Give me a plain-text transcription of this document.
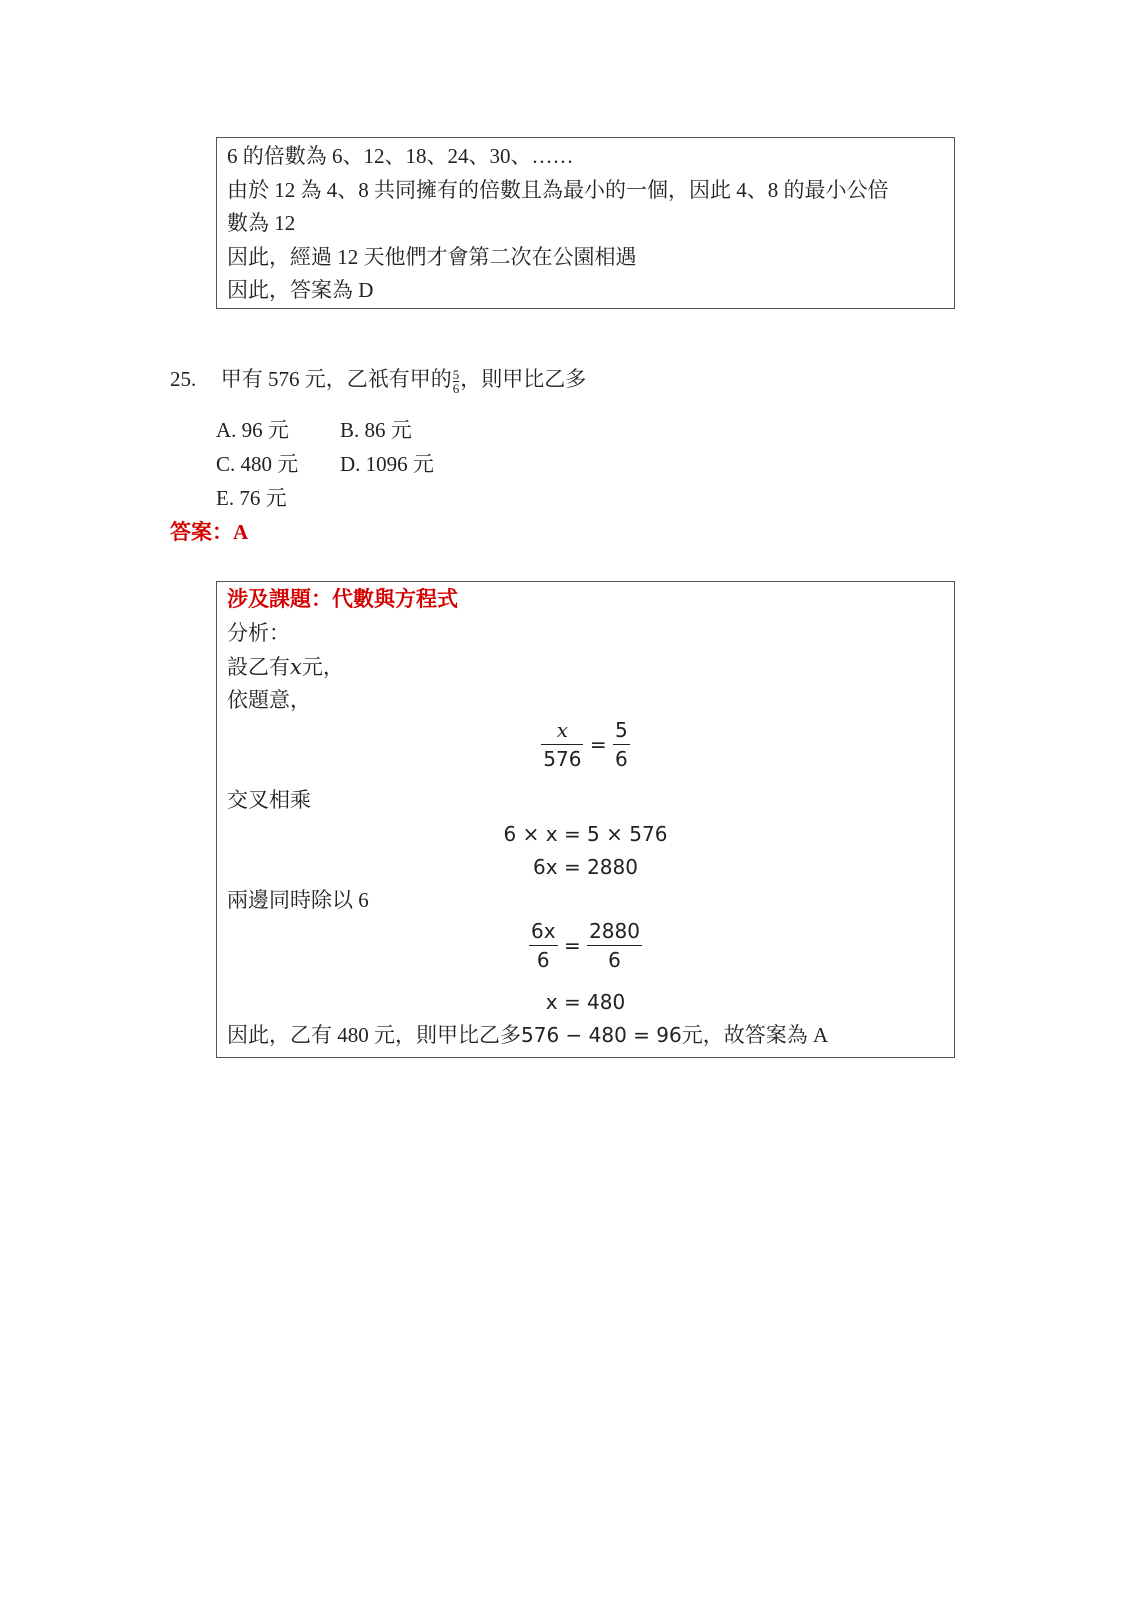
6 的倍數為 6、12、18、24、30、……
由於 12 為 4、8 共同擁有的倍數且為最小的一個，因此 4、8 的最小公倍
數為 12
因此，經過 12 天他們才會第二次在公園相遇
因此，答案為 D
25. 甲有 576 元，乙祇有甲的 $\frac{5}{6}$ ，則甲比乙多
A. 96 元 B. 86 元
C. 480 元 D. 1096 元
E. 76 元
答案：A
涉及課題：代數與方程式
分析：
設乙有x元，
依題意，
$\frac{x}{576} = \frac{5}{6}$
交叉相乘
6 × x = 5 × 576
6x = 2880
兩邊同時除以 6
$\frac{6x}{6} = \frac{2880}{6}$
x = 480
因此，乙有 480 元，則甲比乙多576 − 480 = 96元，故答案為 A
